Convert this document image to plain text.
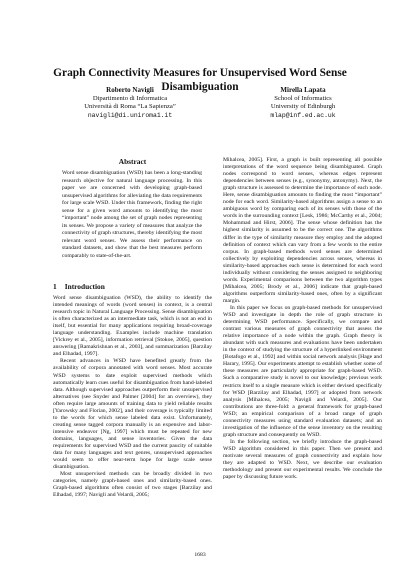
Graph Connectivity Measures for Unsupervised Word Sense Disambiguation
Roberto Navigli
Dipartimento di Informatica
Università di Roma “La Sapienza”
navigli@di.uniroma1.it
Mirella Lapata
School of Informatics
University of Edinburgh
mlap@inf.ed.ac.uk
Abstract
Word sense disambiguation (WSD) has been a long-standing research objective for natural language processing. In this paper we are concerned with developing graph-based unsupervised algorithms for alleviating the data requirements for large scale WSD. Under this framework, finding the right sense for a given word amounts to identifying the most “important” node among the set of graph nodes representing its senses. We propose a variety of measures that analyze the connectivity of graph structures, thereby identifying the most relevant word senses. We assess their performance on standard datasets, and show that the best measures perform comparably to state-of-the-art.
1 Introduction

Word sense disambiguation (WSD), the ability to identify the intended meanings of words (word senses) in context, is a central research topic in Natural Language Processing. Sense disambiguation is often characterized as an intermediate task, which is not an end in itself, but essential for many applications requiring broad-coverage language understanding. Examples include machine translation [Vickrey et al., 2005], information retrieval [Stokoe, 2005], question answering [Ramakrishnan et al., 2003], and summarization [Barzilay and Elhadad, 1997].

Recent advances in WSD have benefited greatly from the availability of corpora annotated with word senses. Most accurate WSD systems to date exploit supervised methods which automatically learn cues useful for disambiguation from hand-labeled data. Although supervised approaches outperform their unsupervised alternatives (see Snyder and Palmer [2004] for an overview), they often require large amounts of training data to yield reliable results [Yarowsky and Florian, 2002], and their coverage is typically limited to the words for which sense labeled data exist. Unfortunately, creating sense tagged corpora manually is an expensive and labor-intensive endeavor [Ng, 1997] which must be repeated for new domains, languages, and sense inventories. Given the data requirements for supervised WSD and the current paucity of suitable data for many languages and text genres, unsupervised approaches would seem to offer near-term hope for large scale sense disambiguation.

Most unsupervised methods can be broadly divided in two categories, namely graph-based ones and similarity-based ones. Graph-based algorithms often consist of two stages [Barzilay and Elhadad, 1997; Navigli and Velardi, 2005;

Mihalcea, 2005]. First, a graph is built representing all possible interpretations of the word sequence being disambiguated. Graph nodes correspond to word senses, whereas edges represent dependencies between senses (e.g., synonymy, antonymy). Next, the graph structure is assessed to determine the importance of each node. Here, sense disambiguation amounts to finding the most “important” node for each word. Similarity-based algorithms assign a sense to an ambiguous word by comparing each of its senses with those of the words in the surrounding context [Lesk, 1986; McCarthy et al., 2004; Mohammad and Hirst, 2006]. The sense whose definition has the highest similarity is assumed to be the correct one. The algorithms differ in the type of similarity measure they employ and the adopted definition of context which can vary from a few words to the entire corpus. In graph-based methods word senses are determined collectively by exploiting dependencies across senses, whereas in similarity-based approaches each sense is determined for each word individually without considering the senses assigned to neighboring words. Experimental comparisons between the two algorithm types [Mihalcea, 2005; Brody et al., 2006] indicate that graph-based algorithms outperform similarity-based ones, often by a significant margin.

In this paper we focus on graph-based methods for unsupervised WSD and investigate in depth the role of graph structure in determining WSD performance. Specifically, we compare and contrast various measures of graph connectivity that assess the relative importance of a node within the graph. Graph theory is abundant with such measures and evaluations have been undertaken in the context of studying the structure of a hyperlinked environment [Botafogo et al., 1992] and within social network analysis [Hage and Harary, 1995]. Our experiments attempt to establish whether some of these measures are particularly appropriate for graph-based WSD. Such a comparative study is novel to our knowledge; previous work restricts itself to a single measure which is either devised specifically for WSD [Barzilay and Elhadad, 1997] or adopted from network analysis [Mihalcea, 2005; Navigli and Velardi, 2005]. Our contributions are three-fold: a general framework for graph-based WSD; an empirical comparison of a broad range of graph connectivity measures using standard evaluation datasets; and an investigation of the influence of the sense inventory on the resulting graph structure and consequently on WSD.

In the following section, we briefly introduce the graph-based WSD algorithm considered in this paper. Then we present and motivate several measures of graph connectivity and explain how they are adapted to WSD. Next, we describe our evaluation methodology and present our experimental results. We conclude the paper by discussing future work.

1683
